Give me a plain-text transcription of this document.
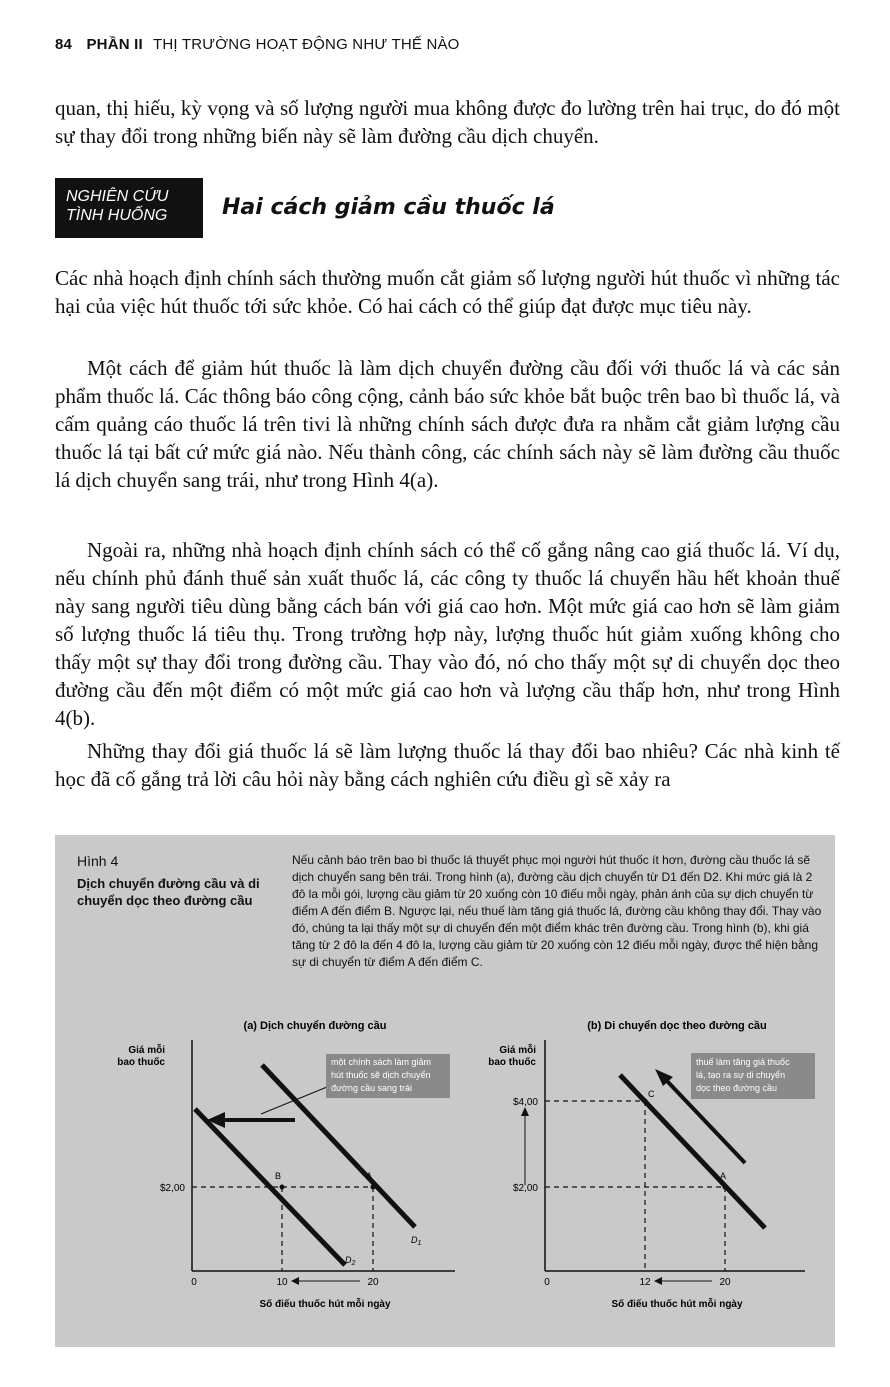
84 PHẦN II THỊ TRƯỜNG HOẠT ĐỘNG NHƯ THẾ NÀO

quan, thị hiếu, kỳ vọng và số lượng người mua không được đo lường trên hai trục, do đó một sự thay đổi trong những biến này sẽ làm đường cầu dịch chuyển.

NGHIÊN CỨU
TÌNH HUỐNG	Hai cách giảm cầu thuốc lá

Các nhà hoạch định chính sách thường muốn cắt giảm số lượng người hút thuốc vì những tác hại của việc hút thuốc tới sức khỏe. Có hai cách có thể giúp đạt được mục tiêu này.

Một cách để giảm hút thuốc là làm dịch chuyển đường cầu đối với thuốc lá và các sản phẩm thuốc lá. Các thông báo công cộng, cảnh báo sức khỏe bắt buộc trên bao bì thuốc lá, và cấm quảng cáo thuốc lá trên tivi là những chính sách được đưa ra nhằm cắt giảm lượng cầu thuốc lá tại bất cứ mức giá nào. Nếu thành công, các chính sách này sẽ làm đường cầu thuốc lá dịch chuyển sang trái, như trong Hình 4(a).

Ngoài ra, những nhà hoạch định chính sách có thể cố gắng nâng cao giá thuốc lá. Ví dụ, nếu chính phủ đánh thuế sản xuất thuốc lá, các công ty thuốc lá chuyển hầu hết khoản thuế này sang người tiêu dùng bằng cách bán với giá cao hơn. Một mức giá cao hơn sẽ làm giảm số lượng thuốc lá tiêu thụ. Trong trường hợp này, lượng thuốc hút giảm xuống không cho thấy một sự thay đổi trong đường cầu. Thay vào đó, nó cho thấy một sự di chuyển dọc theo đường cầu đến một điểm có một mức giá cao hơn và lượng cầu thấp hơn, như trong Hình 4(b).

Những thay đổi giá thuốc lá sẽ làm lượng thuốc lá thay đổi bao nhiêu? Các nhà kinh tế học đã cố gắng trả lời câu hỏi này bằng cách nghiên cứu điều gì sẽ xảy ra

Hình 4
Dịch chuyển đường cầu và di chuyển dọc theo đường cầu
Nếu cảnh báo trên bao bì thuốc lá thuyết phục mọi người hút thuốc ít hơn, đường cầu thuốc lá sẽ dịch chuyển sang bên trái. Trong hình (a), đường cầu dịch chuyển từ D1 đến D2. Khi mức giá là 2 đô la mỗi gói, lượng cầu giảm từ 20 xuống còn 10 điếu mỗi ngày, phản ánh của sự dịch chuyển từ điểm A đến điểm B. Ngược lại, nếu thuế làm tăng giá thuốc lá, đường cầu không thay đổi. Thay vào đó, chúng ta lại thấy một sự di chuyển đến một điểm khác trên đường cầu. Trong hình (b), khi giá tăng từ 2 đô la đến 4 đô la, lượng cầu giảm từ 20 xuống còn 12 điếu mỗi ngày, được thể hiện bằng sự di chuyển từ điểm A đến điểm C.
(a) Dịch chuyển đường cầu
Giá mỗi
bao thuốc	một chính sách làm giảm
hút thuốc sẽ dịch chuyển
đường cầu sang trái
B	A
$D_1$
$D_2$
$2,00
0	10	20
Số điếu thuốc hút mỗi ngày
(b) Di chuyển dọc theo đường cầu
Giá mỗi
bao thuốc	thuế làm tăng giá thuốc
lá, tạo ra sự di chuyển
dọc theo đường cầu
C
A
$2,00
$4,00
0	12	20
Số điếu thuốc hút mỗi ngày
